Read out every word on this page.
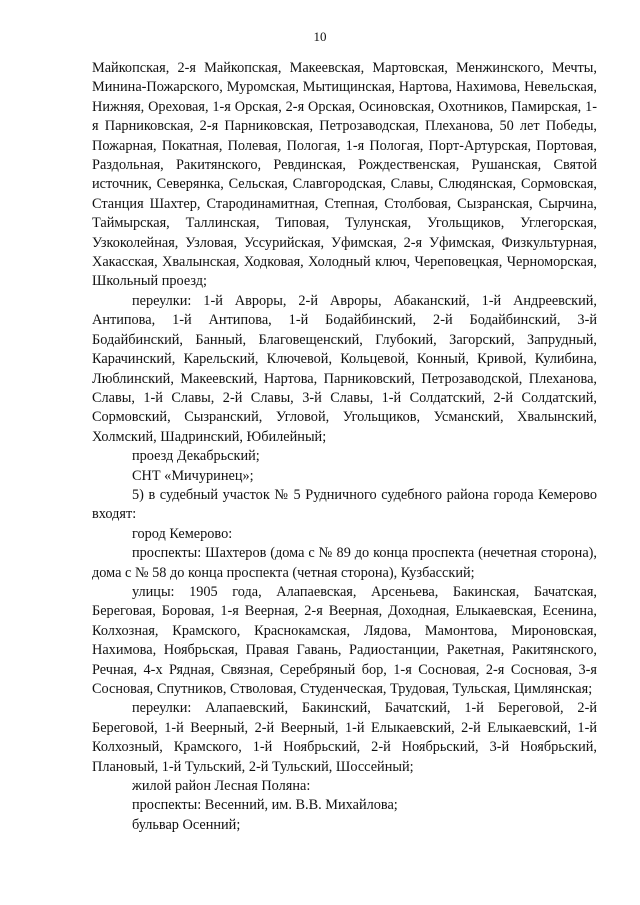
10

Майкопская, 2-я Майкопская, Макеевская, Мартовская, Менжинского, Мечты, Минина-Пожарского, Муромская, Мытищинская, Нартова, Нахимова, Невельская, Нижняя, Ореховая, 1-я Орская, 2-я Орская, Осиновская, Охотников, Памирская, 1-я Парниковская, 2-я Парниковская, Петрозаводская, Плеханова, 50 лет Победы, Пожарная, Покатная, Полевая, Пологая, 1-я Пологая, Порт-Артурская, Портовая, Раздольная, Ракитянского, Ревдинская, Рождественская, Рушанская, Святой источник, Северянка, Сельская, Славгородская, Славы, Слюдянская, Сормовская, Станция Шахтер, Стародинамитная, Степная, Столбовая, Сызранская, Сырчина, Таймырская, Таллинская, Типовая, Тулунская, Угольщиков, Углегорская, Узкоколейная, Узловая, Уссурийская, Уфимская, 2-я Уфимская, Физкультурная, Хакасская, Хвалынская, Ходковая, Холодный ключ, Череповецкая, Черноморская, Школьный проезд;

переулки: 1-й Авроры, 2-й Авроры, Абаканский, 1-й Андреевский, Антипова, 1-й Антипова, 1-й Бодайбинский, 2-й Бодайбинский, 3-й Бодайбинский, Банный, Благовещенский, Глубокий, Загорский, Запрудный, Карачинский, Карельский, Ключевой, Кольцевой, Конный, Кривой, Кулибина, Люблинский, Макеевский, Нартова, Парниковский, Петрозаводской, Плеханова, Славы, 1-й Славы, 2-й Славы, 3-й Славы, 1-й Солдатский, 2-й Солдатский, Сормовский, Сызранский, Угловой, Угольщиков, Усманский, Хвалынский, Холмский, Шадринский, Юбилейный;

проезд Декабрьский;

СНТ «Мичуринец»;

5) в судебный участок № 5 Рудничного судебного района города Кемерово входят:

город Кемерово:

проспекты: Шахтеров (дома с № 89 до конца проспекта (нечетная сторона), дома с № 58 до конца проспекта (четная сторона), Кузбасский;

улицы: 1905 года, Алапаевская, Арсеньева, Бакинская, Бачатская, Береговая, Боровая, 1-я Веерная, 2-я Веерная, Доходная, Елыкаевская, Есенина, Колхозная, Крамского, Краснокамская, Лядова, Мамонтова, Мироновская, Нахимова, Ноябрьская, Правая Гавань, Радиостанции, Ракетная, Ракитянского, Речная, 4-х Рядная, Связная, Серебряный бор, 1-я Сосновая, 2-я Сосновая, 3-я Сосновая, Спутников, Стволовая, Студенческая, Трудовая, Тульская, Цимлянская;

переулки: Алапаевский, Бакинский, Бачатский, 1-й Береговой, 2-й Береговой, 1-й Веерный, 2-й Веерный, 1-й Елыкаевский, 2-й Елыкаевский, 1-й Колхозный, Крамского, 1-й Ноябрьский, 2-й Ноябрьский, 3-й Ноябрьский, Плановый, 1-й Тульский, 2-й Тульский, Шоссейный;

жилой район Лесная Поляна:

проспекты: Весенний, им. В.В. Михайлова;

бульвар Осенний;
